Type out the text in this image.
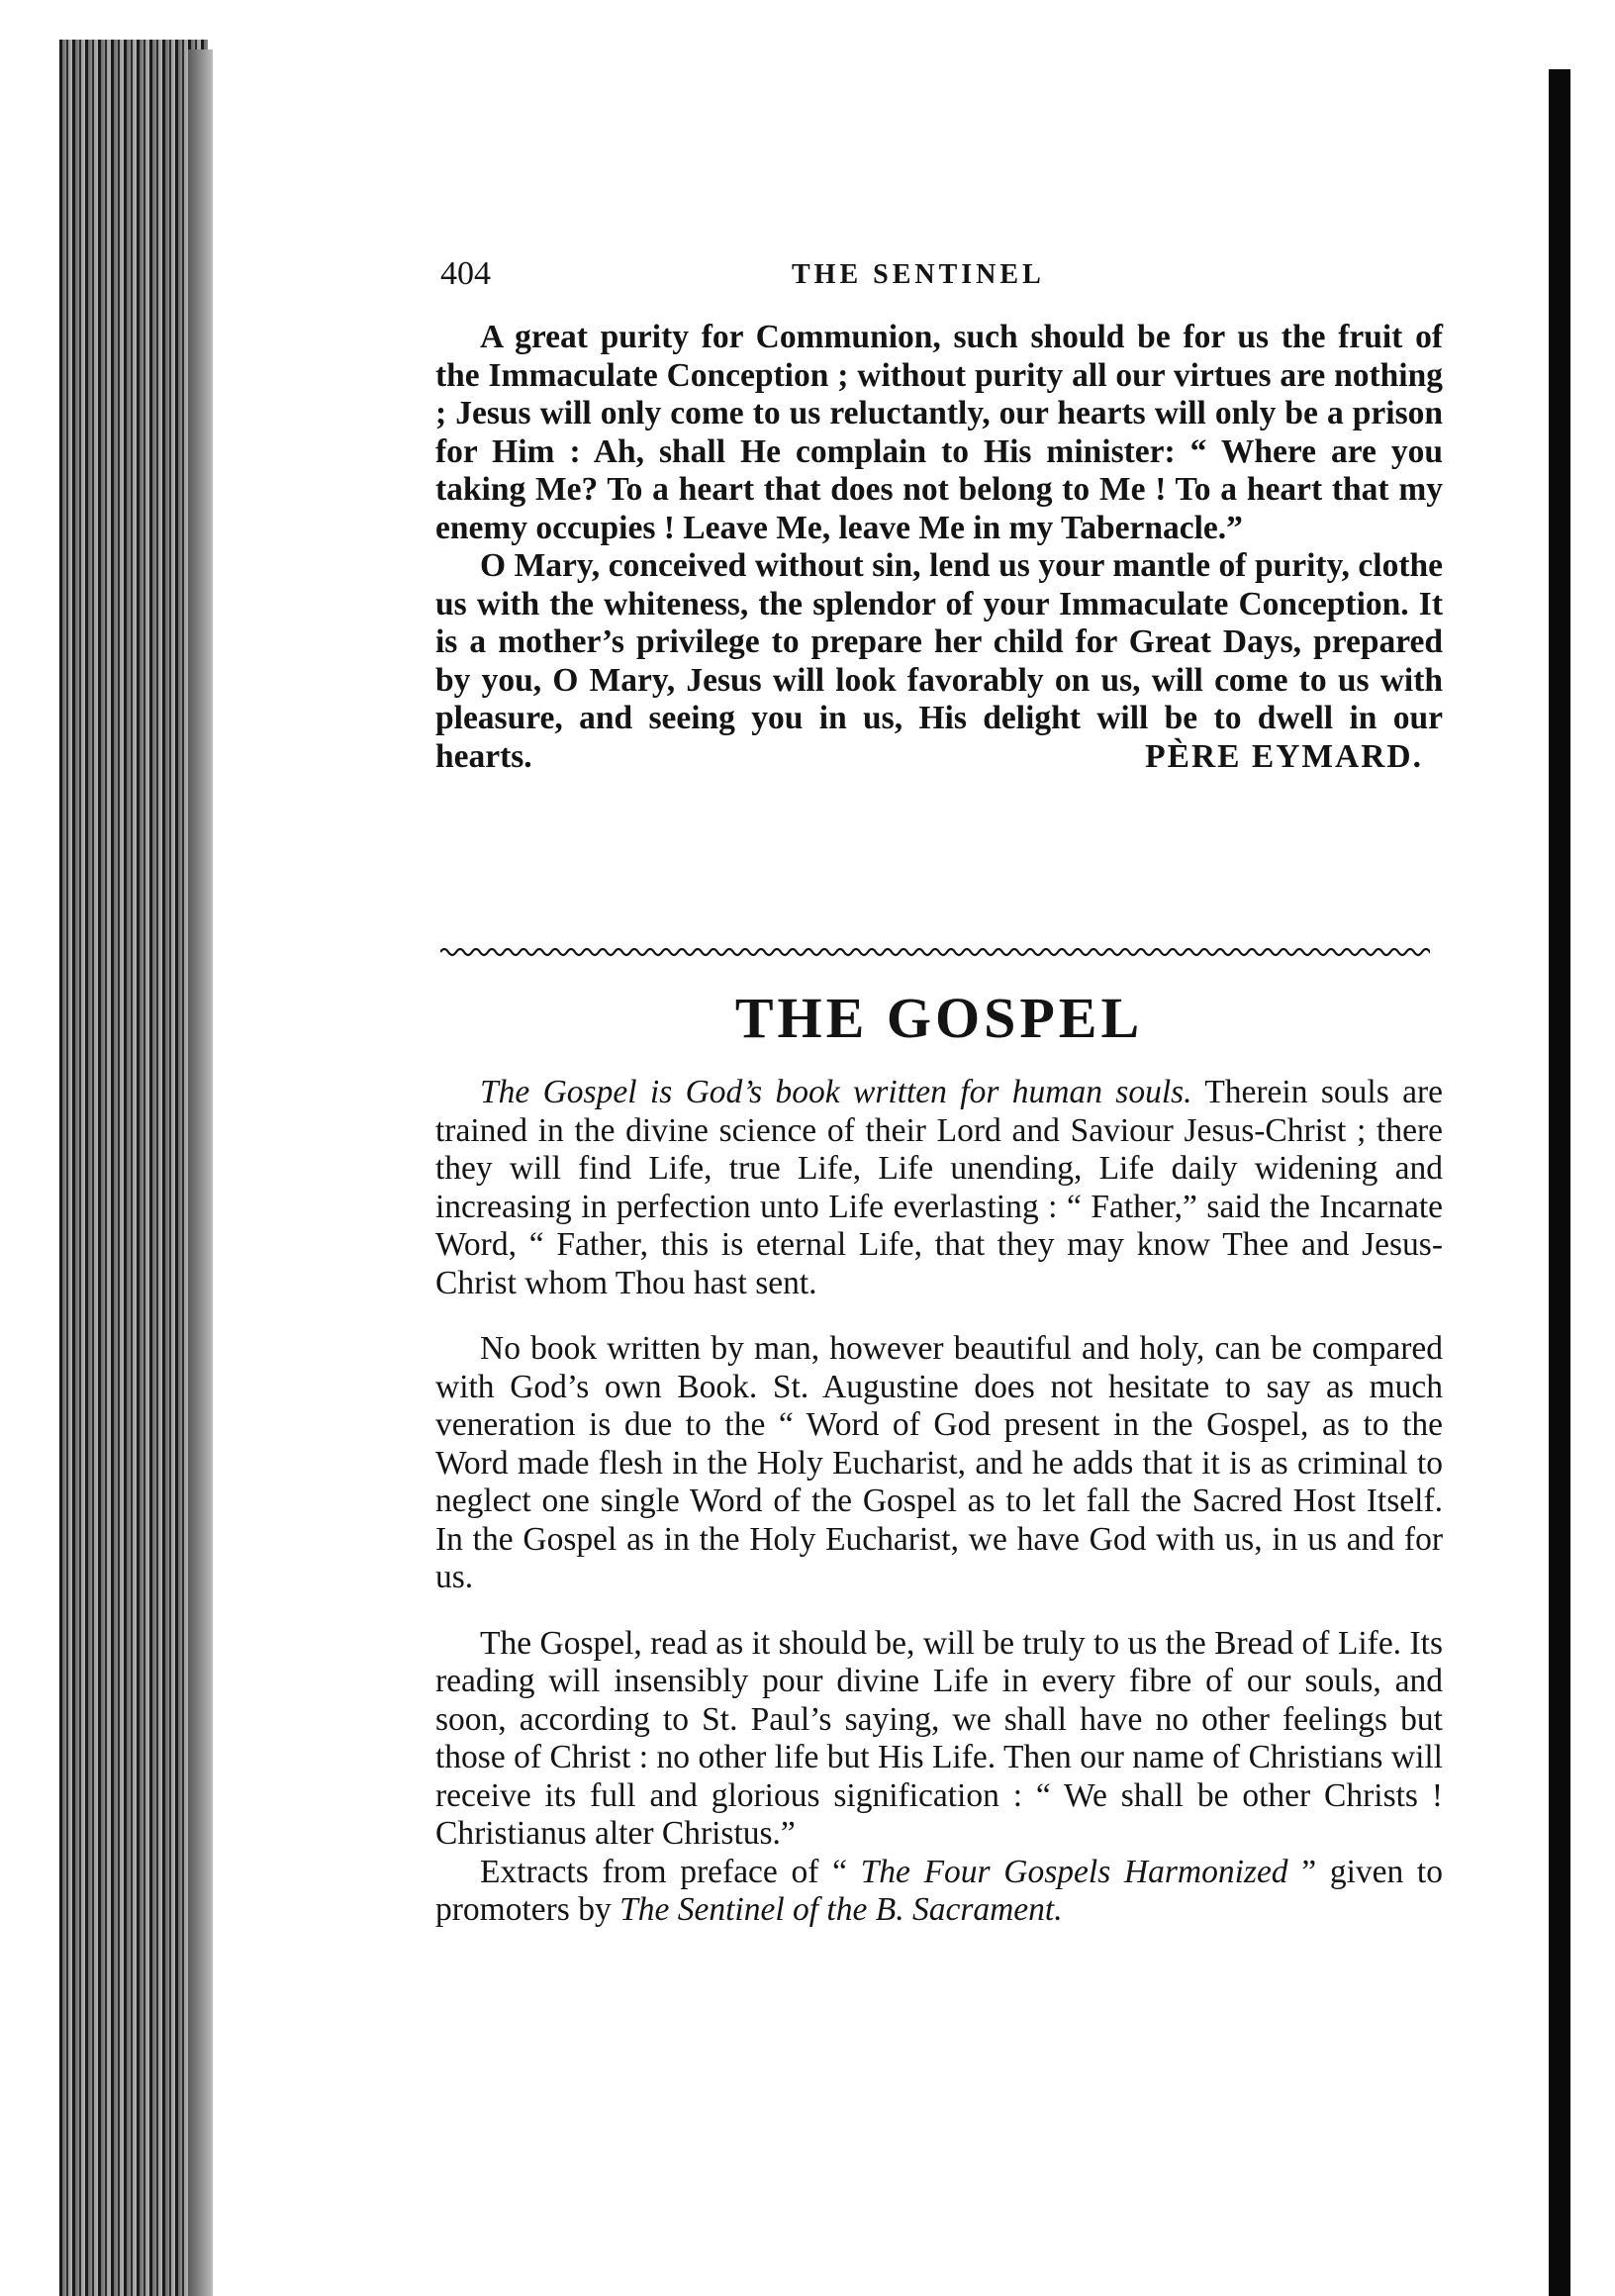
404	THE SENTINEL

A great purity for Communion, such should be for us the fruit of the Immaculate Conception ; without purity all our virtues are nothing ; Jesus will only come to us reluctantly, our hearts will only be a prison for Him : Ah, shall He complain to His minister: “ Where are you taking Me? To a heart that does not belong to Me ! To a heart that my enemy occupies ! Leave Me, leave Me in my Tabernacle.”

O Mary, conceived without sin, lend us your mantle of purity, clothe us with the whiteness, the splendor of your Immaculate Conception. It is a mother’s privilege to prepare her child for Great Days, prepared by you, O Mary, Jesus will look favorably on us, will come to us with pleasure, and seeing you in us, His delight will be to dwell in our hearts.	PÈRE EYMARD.
THE GOSPEL

The Gospel is God’s book written for human souls. Therein souls are trained in the divine science of their Lord and Saviour Jesus-Christ ; there they will find Life, true Life, Life unending, Life daily widening and increasing in perfection unto Life everlasting : “ Father,” said the Incarnate Word, “ Father, this is eternal Life, that they may know Thee and Jesus-Christ whom Thou hast sent.

No book written by man, however beautiful and holy, can be compared with God’s own Book. St. Augustine does not hesitate to say as much veneration is due to the “ Word of God present in the Gospel, as to the Word made flesh in the Holy Eucharist, and he adds that it is as criminal to neglect one single Word of the Gospel as to let fall the Sacred Host Itself. In the Gospel as in the Holy Eucharist, we have God with us, in us and for us.

The Gospel, read as it should be, will be truly to us the Bread of Life. Its reading will insensibly pour divine Life in every fibre of our souls, and soon, according to St. Paul’s saying, we shall have no other feelings but those of Christ : no other life but His Life. Then our name of Christians will receive its full and glorious signification : “ We shall be other Christs ! Christianus alter Christus.”

Extracts from preface of “ The Four Gospels Harmonized ” given to promoters by The Sentinel of the B. Sacrament.
